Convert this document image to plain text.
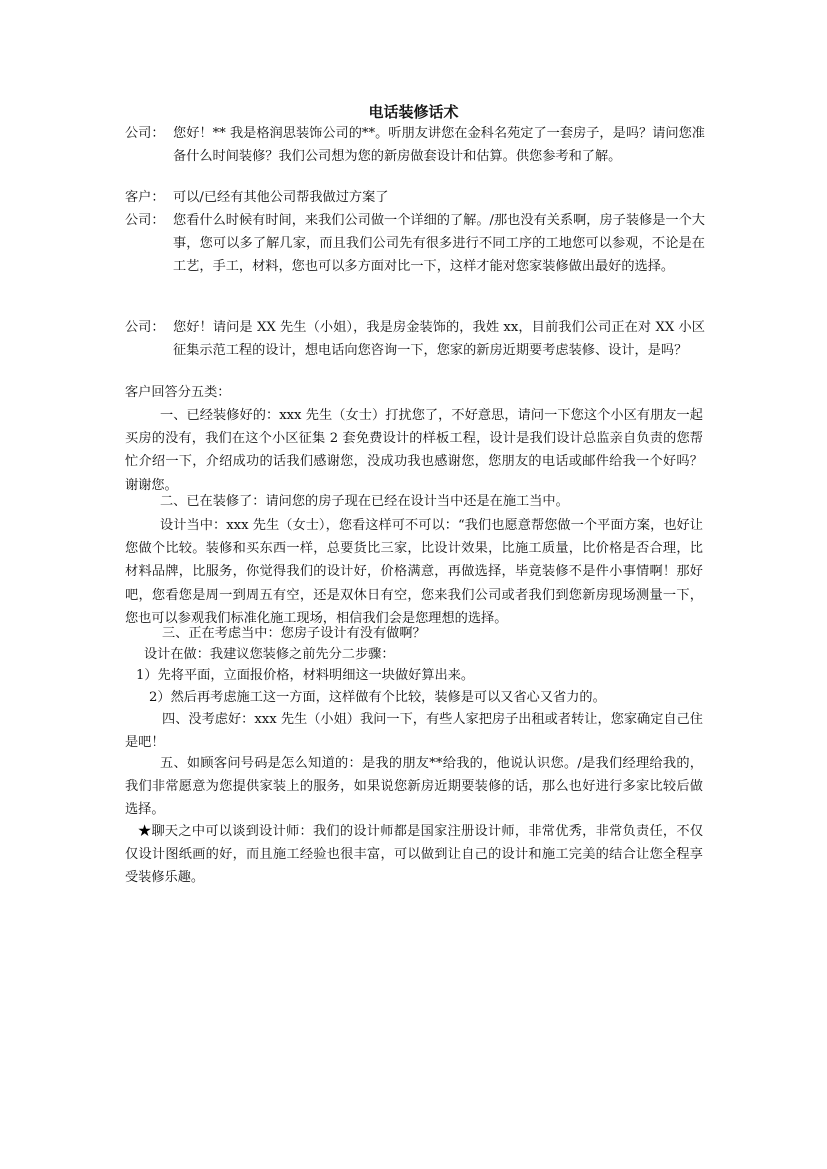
电话装修话术
公司： 您好！** 我是格润思装饰公司的**。听朋友讲您在金科名苑定了一套房子，是吗？请问您准备什么时间装修？我们公司想为您的新房做套设计和估算。供您参考和了解。
客户： 可以/已经有其他公司帮我做过方案了
公司： 您看什么时候有时间，来我们公司做一个详细的了解。/那也没有关系啊，房子装修是一个大事，您可以多了解几家，而且我们公司先有很多进行不同工序的工地您可以参观，不论是在工艺，手工，材料，您也可以多方面对比一下，这样才能对您家装修做出最好的选择。
公司： 您好！请问是 XX 先生（小姐），我是房金装饰的，我姓 xx，目前我们公司正在对 XX 小区征集示范工程的设计，想电话向您咨询一下，您家的新房近期要考虑装修、设计，是吗？
客户回答分五类：
一、已经装修好的：xxx 先生（女士）打扰您了，不好意思，请问一下您这个小区有朋友一起买房的没有，我们在这个小区征集 2 套免费设计的样板工程，设计是我们设计总监亲自负责的您帮忙介绍一下，介绍成功的话我们感谢您，没成功我也感谢您，您朋友的电话或邮件给我一个好吗？谢谢您。
二、已在装修了：请问您的房子现在已经在设计当中还是在施工当中。
设计当中：xxx 先生（女士），您看这样可不可以：“我们也愿意帮您做一个平面方案，也好让您做个比较。装修和买东西一样，总要货比三家，比设计效果，比施工质量，比价格是否合理，比材料品牌，比服务，你觉得我们的设计好，价格满意，再做选择，毕竟装修不是件小事情啊！那好吧，您看您是周一到周五有空，还是双休日有空，您来我们公司或者我们到您新房现场测量一下，您也可以参观我们标准化施工现场，相信我们会是您理想的选择。
三、正在考虑当中：您房子设计有没有做啊？
设计在做：我建议您装修之前先分二步骤：
1）先将平面，立面报价格，材料明细这一块做好算出来。
2）然后再考虑施工这一方面，这样做有个比较，装修是可以又省心又省力的。
四、没考虑好：xxx 先生（小姐）我问一下，有些人家把房子出租或者转让，您家确定自己住是吧！
五、如顾客问号码是怎么知道的：是我的朋友**给我的，他说认识您。/是我们经理给我的，我们非常愿意为您提供家装上的服务，如果说您新房近期要装修的话，那么也好进行多家比较后做选择。
★聊天之中可以谈到设计师：我们的设计师都是国家注册设计师，非常优秀，非常负责任，不仅仅设计图纸画的好，而且施工经验也很丰富，可以做到让自己的设计和施工完美的结合让您全程享受装修乐趣。
